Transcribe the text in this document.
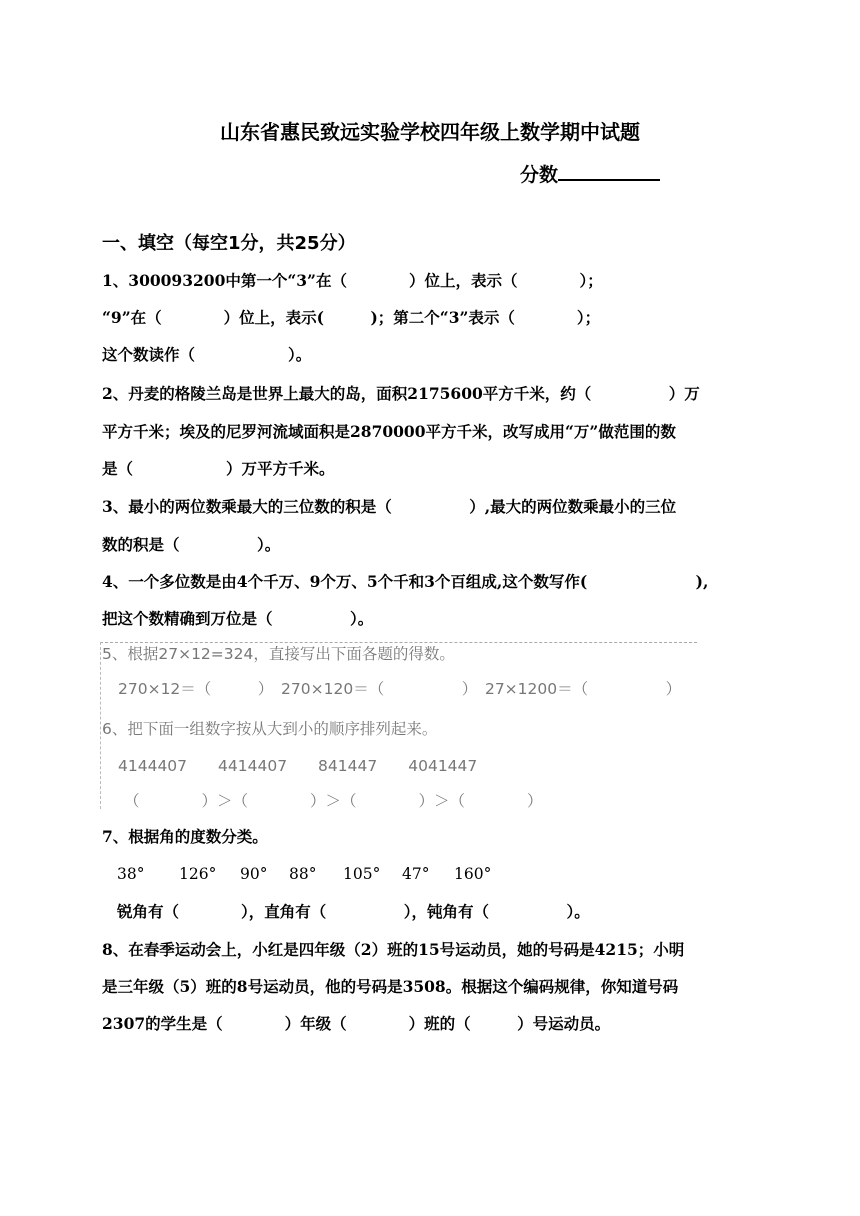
山东省惠民致远实验学校四年级上数学期中试题
分数
一、填空（每空1分，共25分）
1、300093200中第一个“3”在（　　　　）位上，表示（　　　　）；
“9”在（　　　　）位上，表示(　　　)；第二个“3”表示（　　　　）；
这个数读作（　　　　　　）。
2、丹麦的格陵兰岛是世界上最大的岛，面积2175600平方千米，约（　　　　　）万
平方千米；埃及的尼罗河流域面积是2870000平方千米，改写成用“万”做范围的数
是（　　　　　　）万平方千米。
3、最小的两位数乘最大的三位数的积是（　　　　　）,最大的两位数乘最小的三位
数的积是（　　　　　）。
4、一个多位数是由4个千万、9个万、5个千和3个百组成,这个数写作(　　　　　　　),
把这个数精确到万位是（　　　　　）。
5、根据27×12=324，直接写出下面各题的得数。
270×12＝（　　　）　270×120＝（　　　　　）　27×1200＝（　　　　　）
6、把下面一组数字按从大到小的顺序排列起来。
4144407　　4414407　　841447　　4041447
（　　　　）＞（　　　　）＞（　　　　）＞（　　　　）
7、根据角的度数分类。
38° 126° 90° 88° 105° 47° 160°
锐角有（　　　　），直角有（　　　　　），钝角有（　　　　　）。
8、在春季运动会上，小红是四年级（2）班的15号运动员，她的号码是4215；小明
是三年级（5）班的8号运动员，他的号码是3508。根据这个编码规律，你知道号码
2307的学生是（　　　　）年级（　　　　）班的（　　　）号运动员。
